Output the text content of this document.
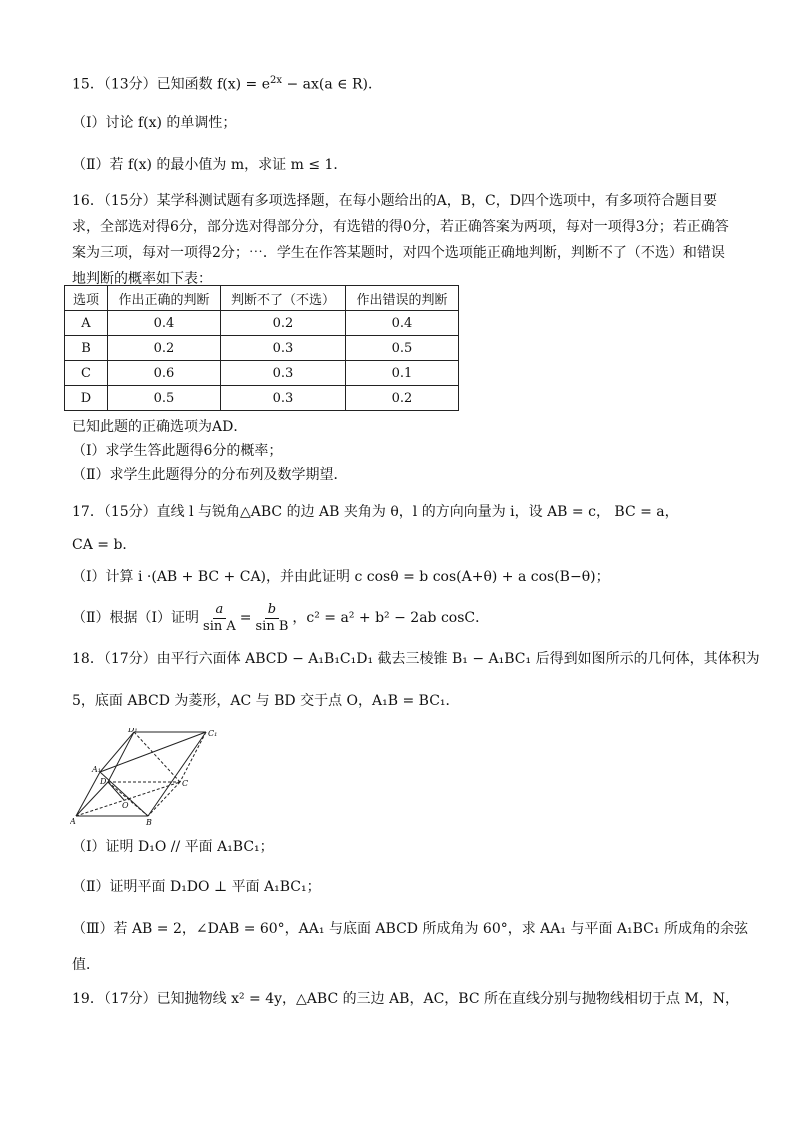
15．（13分）已知函数 $f(x) = e^{2x} - ax(a$ ∈ R)．
（Ⅰ）讨论 f(x) 的单调性；
（Ⅱ）若 f(x) 的最小值为 m，求证 m ≤ 1．
16．（15分）某学科测试题有多项选择题，在每小题给出的A，B，C，D四个选项中，有多项符合题目要求，全部选对得6分，部分选对得部分分，有选错的得0分，若正确答案为两项，每对一项得3分；若正确答案为三项，每对一项得2分；⋯．学生在作答某题时，对四个选项能正确地判断，判断不了（不选）和错误地判断的概率如下表：
选项	作出正确的判断	判断不了（不选）	作出错误的判断
A	0.4	0.2	0.4
B	0.2	0.3	0.5
C	0.6	0.3	0.1
D	0.5	0.3	0.2
已知此题的正确选项为AD．
（Ⅰ）求学生答此题得6分的概率；
（Ⅱ）求学生此题得分的分布列及数学期望．
17．（15分）直线 l 与锐角△ABC 的边 AB 夹角为 θ，l 的方向向量为 i，设 AB = c， BC = a，
CA = b．
（Ⅰ）计算 i ·(AB + BC + CA)，并由此证明 c cosθ = b cos(A+θ) + a cos(B−θ)；
（Ⅱ）根据（Ⅰ）证明 $\frac{a}{\text{sin A}} = \frac{b}{\text{sin B}}$ ，c² = a² + b² − 2ab cosC．
18．（17分）由平行六面体 ABCD − A₁B₁C₁D₁ 截去三棱锥 B₁ − A₁BC₁ 后得到如图所示的几何体，其体积为
5，底面 ABCD 为菱形，AC 与 BD 交于点 O，A₁B = BC₁．
D₁	C₁
A₁
D	C
O
A	B
（Ⅰ）证明 D₁O // 平面 A₁BC₁；
（Ⅱ）证明平面 D₁DO ⊥ 平面 A₁BC₁；
（Ⅲ）若 AB = 2，∠DAB = 60°，AA₁ 与底面 ABCD 所成角为 60°，求 AA₁ 与平面 A₁BC₁ 所成角的余弦
值．
19．（17分）已知抛物线 x² = 4y，△ABC 的三边 AB，AC，BC 所在直线分别与抛物线相切于点 M，N，
